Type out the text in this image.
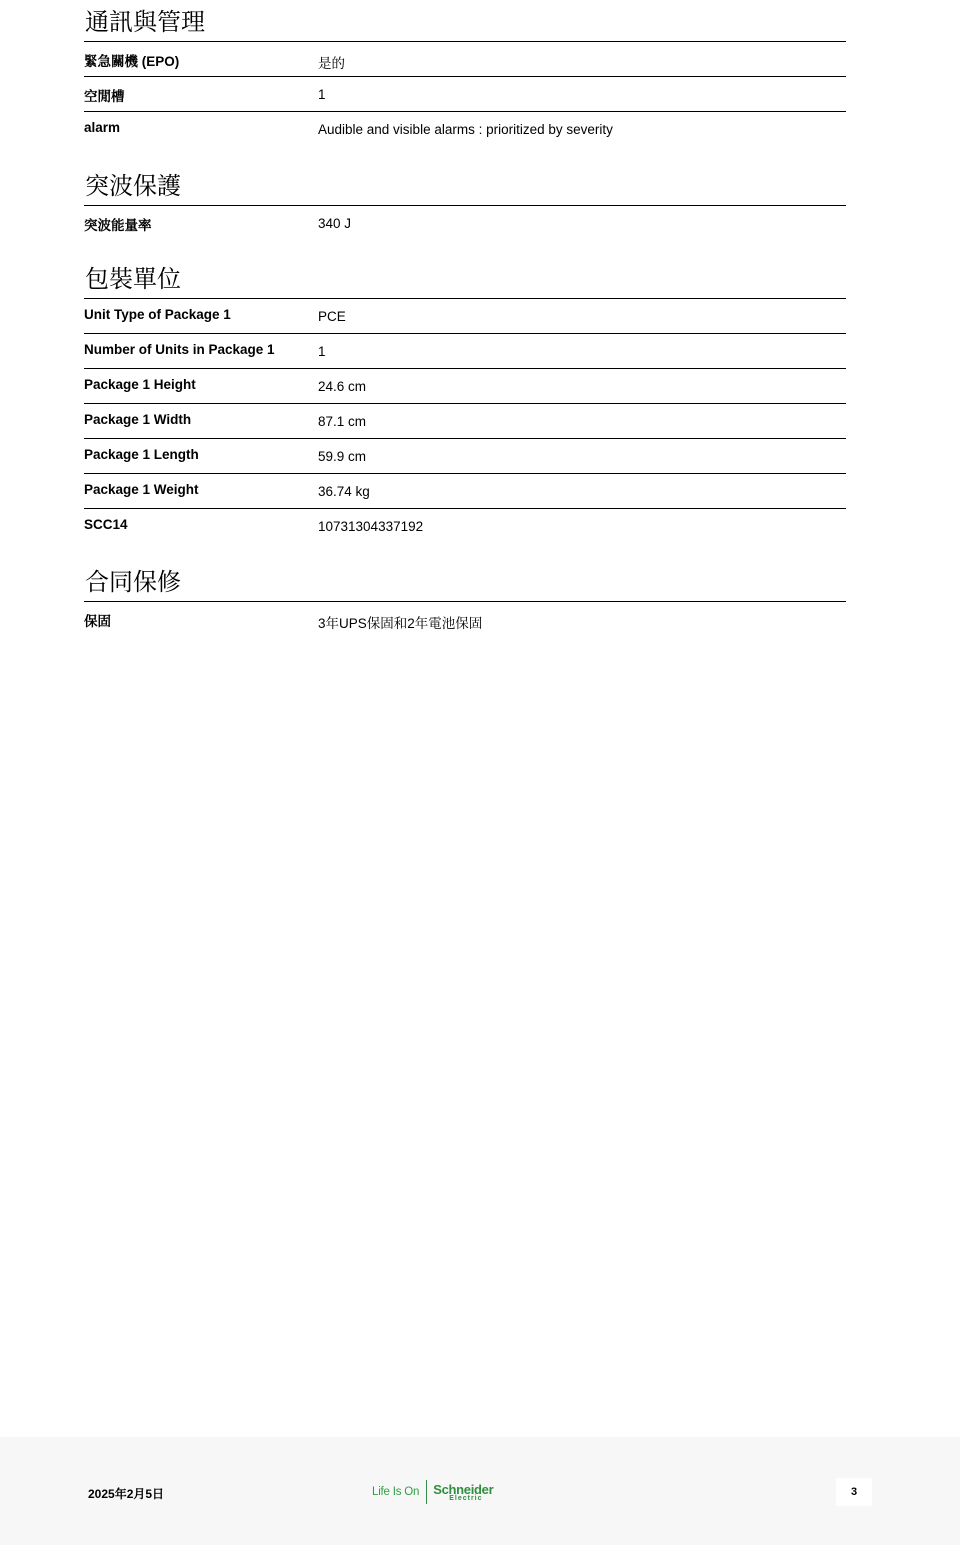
通訊與管理
緊急關機 (EPO)	是的
空閒槽	1
alarm	Audible and visible alarms : prioritized by severity
突波保護
突波能量率	340 J
包裝單位
Unit Type of Package 1	PCE
Number of Units in Package 1	1
Package 1 Height	24.6 cm
Package 1 Width	87.1 cm
Package 1 Length	59.9 cm
Package 1 Weight	36.74 kg
SCC14	10731304337192
合同保修
保固	3年UPS保固和2年電池保固
2025年2月5日	Life Is On Schneider
Electric	3
